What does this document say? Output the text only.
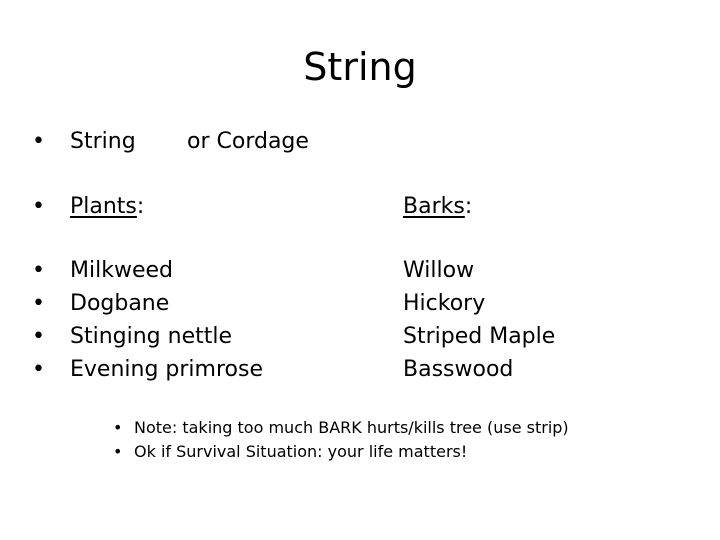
String
• String or Cordage
• Plants:	Barks:
• Milkweed
• Dogbane
• Stinging nettle
• Evening primrose
Willow
Hickory
Striped Maple
Basswood
• Note: taking too much BARK hurts/kills tree (use strip)
• Ok if Survival Situation: your life matters!
